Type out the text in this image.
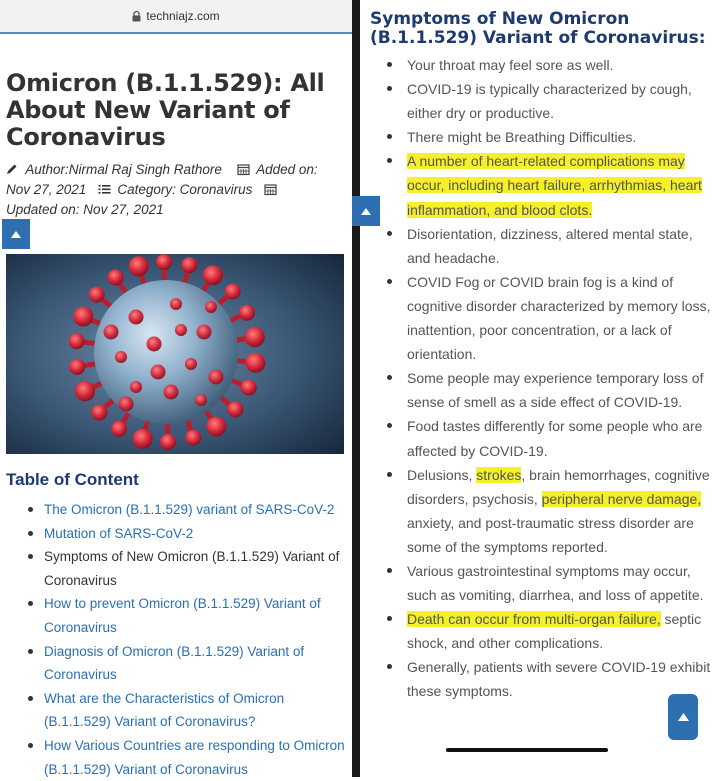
techniajz.com
Omicron (B.1.1.529): All About New Variant of Coronavirus
Author:Nirmal Raj Singh Rathore	Added on:
Nov 27, 2021 Category: Coronavirus
Updated on: Nov 27, 2021
Table of Content
The Omicron (B.1.1.529) variant of SARS-CoV-2
Mutation of SARS-CoV-2
Symptoms of New Omicron (B.1.1.529) Variant of Coronavirus
How to prevent Omicron (B.1.1.529) Variant of Coronavirus
Diagnosis of Omicron (B.1.1.529) Variant of Coronavirus
What are the Characteristics of Omicron (B.1.1.529) Variant of Coronavirus?
How Various Countries are responding to Omicron (B.1.1.529) Variant of Coronavirus
Symptoms of New Omicron (B.1.1.529) Variant of Coronavirus:
Your throat may feel sore as well.
COVID-19 is typically characterized by cough, either dry or productive.
There might be Breathing Difficulties.
A number of heart-related complications may occur, including heart failure, arrhythmias, heart inflammation, and blood clots.
Disorientation, dizziness, altered mental state, and headache.
COVID Fog or COVID brain fog is a kind of cognitive disorder characterized by memory loss, inattention, poor concentration, or a lack of orientation.
Some people may experience temporary loss of sense of smell as a side effect of COVID-19.
Food tastes differently for some people who are affected by COVID-19.
Delusions, strokes, brain hemorrhages, cognitive disorders, psychosis, peripheral nerve damage, anxiety, and post-traumatic stress disorder are some of the symptoms reported.
Various gastrointestinal symptoms may occur, such as vomiting, diarrhea, and loss of appetite.
Death can occur from multi-organ failure, septic shock, and other complications.
Generally, patients with severe COVID-19 exhibit these symptoms.
